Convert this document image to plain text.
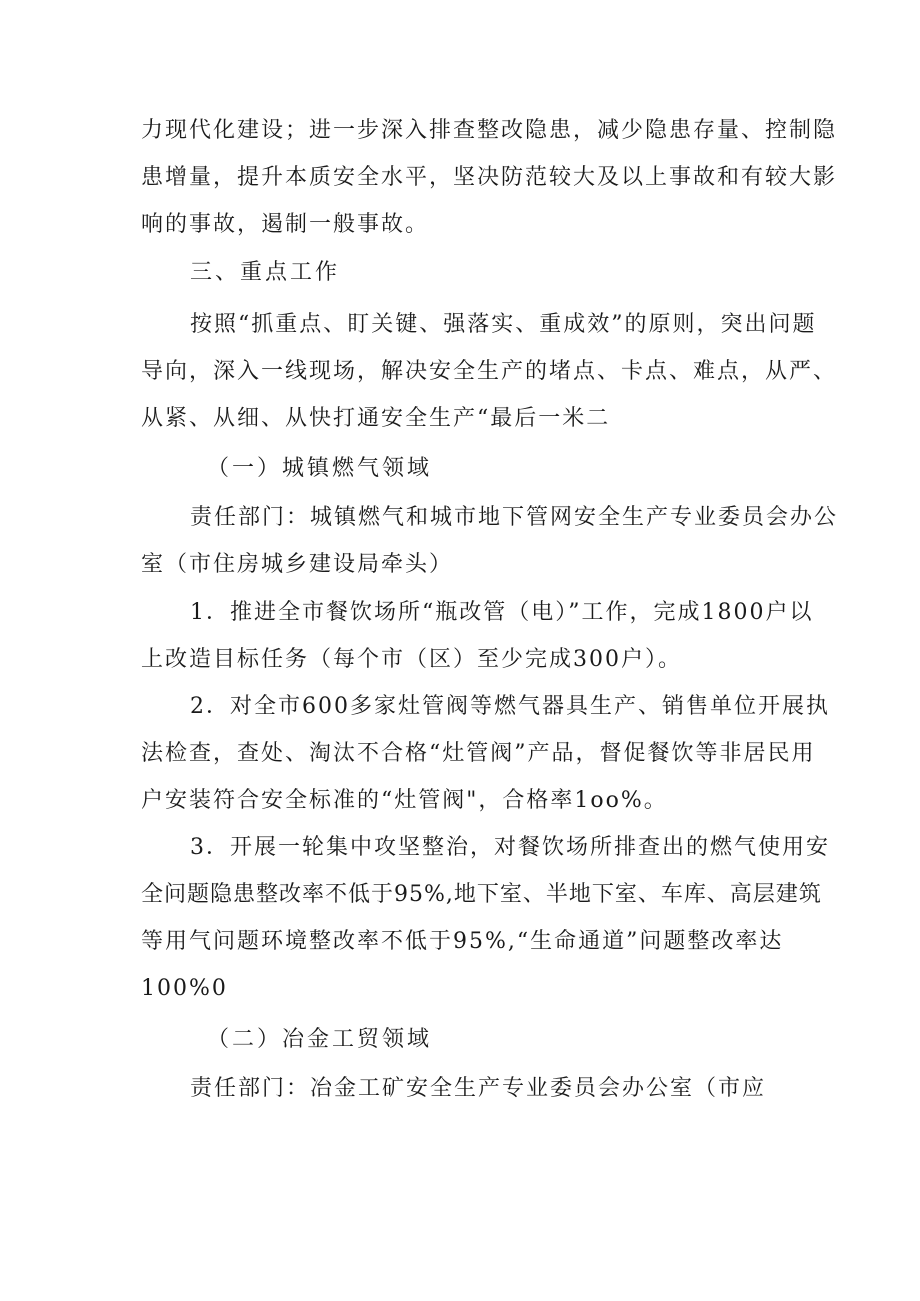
力现代化建设；进一步深入排查整改隐患，减少隐患存量、控制隐
患增量，提升本质安全水平，坚决防范较大及以上事故和有较大影
响的事故，遏制一般事故。
三、重点工作
按照“抓重点、盯关键、强落实、重成效”的原则，突出问题
导向，深入一线现场，解决安全生产的堵点、卡点、难点，从严、
从紧、从细、从快打通安全生产“最后一米二
（一）城镇燃气领域
责任部门：城镇燃气和城市地下管网安全生产专业委员会办公
室（市住房城乡建设局牵头）
1．推进全市餐饮场所“瓶改管（电）”工作，完成1800户以
上改造目标任务（每个市（区）至少完成300户）。
2．对全市600多家灶管阀等燃气器具生产、销售单位开展执
法检查，查处、淘汰不合格“灶管阀”产品，督促餐饮等非居民用
户安装符合安全标准的“灶管阀"，合格率1oo%。
3．开展一轮集中攻坚整治，对餐饮场所排查出的燃气使用安
全问题隐患整改率不低于95%,地下室、半地下室、车库、高层建筑
等用气问题环境整改率不低于95%,“生命通道”问题整改率达
100%0
（二）冶金工贸领域
责任部门：冶金工矿安全生产专业委员会办公室（市应
